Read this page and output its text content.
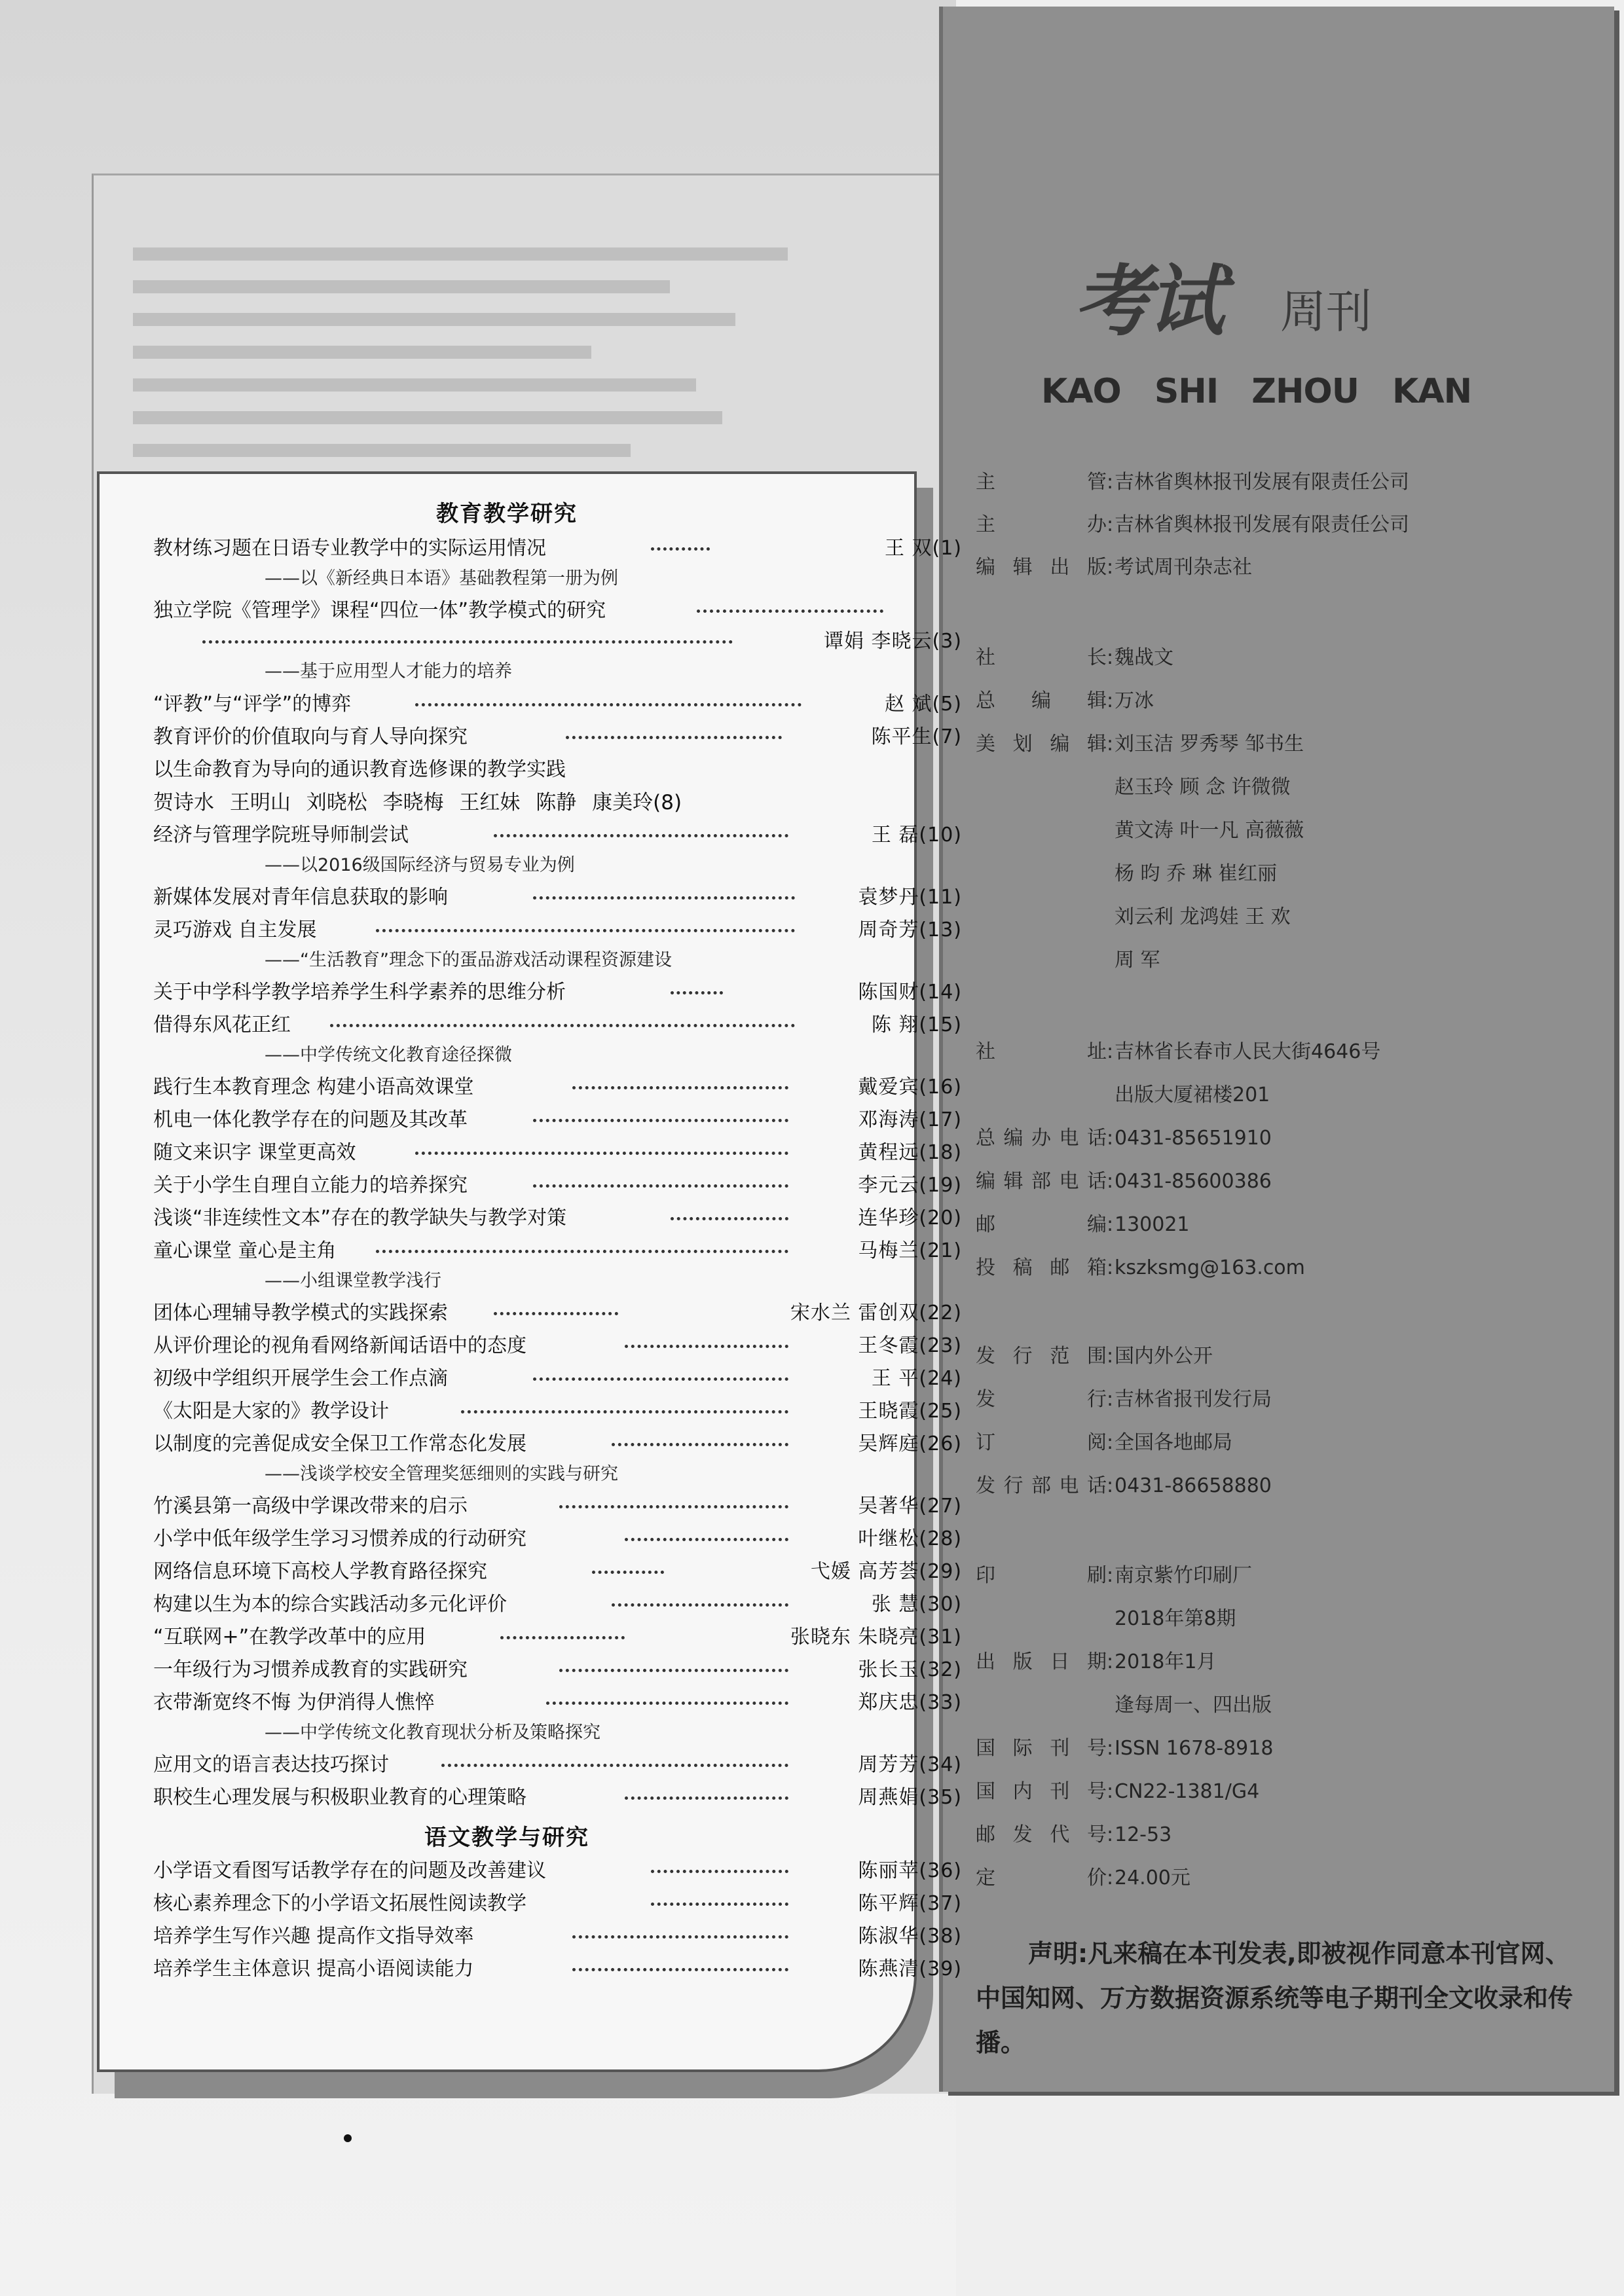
教育教学研究
教材练习题在日语专业教学中的实际运用情况	王 双(1)
——以《新经典日本语》基础教程第一册为例
独立学院《管理学》课程“四位一体”教学模式的研究
谭娟 李晓云(3)
——基于应用型人才能力的培养
“评教”与“评学”的博弈	赵 斌(5)
教育评价的价值取向与育人导向探究	陈平生(7)
以生命教育为导向的通识教育选修课的教学实践
贺诗水 王明山 刘晓松 李晓梅 王红妹 陈静 康美玲(8)
经济与管理学院班导师制尝试	王 磊(10)
——以2016级国际经济与贸易专业为例
新媒体发展对青年信息获取的影响	袁梦丹(11)
灵巧游戏 自主发展	周奇芳(13)
——“生活教育”理念下的蛋品游戏活动课程资源建设
关于中学科学教学培养学生科学素养的思维分析	陈国财(14)
借得东风花正红	陈 翔(15)
——中学传统文化教育途径探微
践行生本教育理念 构建小语高效课堂	戴爱宾(16)
机电一体化教学存在的问题及其改革	邓海涛(17)
随文来识字 课堂更高效	黄程远(18)
关于小学生自理自立能力的培养探究	李元云(19)
浅谈“非连续性文本”存在的教学缺失与教学对策	连华珍(20)
童心课堂 童心是主角	马梅兰(21)
——小组课堂教学浅行
团体心理辅导教学模式的实践探索	宋水兰 雷创双(22)
从评价理论的视角看网络新闻话语中的态度	王冬霞(23)
初级中学组织开展学生会工作点滴	王 平(24)
《太阳是大家的》教学设计	王晓霞(25)
以制度的完善促成安全保卫工作常态化发展	吴辉庭(26)
——浅谈学校安全管理奖惩细则的实践与研究
竹溪县第一高级中学课改带来的启示	吴著华(27)
小学中低年级学生学习习惯养成的行动研究	叶继松(28)
网络信息环境下高校人学教育路径探究	弋媛 高芳荟(29)
构建以生为本的综合实践活动多元化评价	张 慧(30)
“互联网+”在教学改革中的应用	张晓东 朱晓亮(31)
一年级行为习惯养成教育的实践研究	张长玉(32)
衣带渐宽终不悔 为伊消得人憔悴	郑庆忠(33)
——中学传统文化教育现状分析及策略探究
应用文的语言表达技巧探讨	周芳芳(34)
职校生心理发展与积极职业教育的心理策略	周燕娟(35)
语文教学与研究
小学语文看图写话教学存在的问题及改善建议	陈丽苹(36)
核心素养理念下的小学语文拓展性阅读教学	陈平辉(37)
培养学生写作兴趣 提高作文指导效率	陈淑华(38)
培养学生主体意识 提高小语阅读能力	陈燕清(39)
考试 周刊
KAO SHI ZHOU KAN
主管:吉林省舆林报刊发展有限责任公司
主办:吉林省舆林报刊发展有限责任公司
编辑出版:考试周刊杂志社
社长:魏战文
总编辑:万冰
美划编辑:刘玉洁 罗秀琴 邹书生
赵玉玲 顾 念 许微微
黄文涛 叶一凡 高薇薇
杨 昀 乔 琳 崔红丽
刘云利 龙鸿娃 王 欢
周 军
社址:吉林省长春市人民大街4646号
出版大厦裙楼201
总编办电话:0431-85651910
编辑部电话:0431-85600386
邮编:130021
投稿邮箱:kszksmg@163.com
发行范围:国内外公开
发行:吉林省报刊发行局
订阅:全国各地邮局
发行部电话:0431-86658880
印刷:南京紫竹印刷厂
2018年第8期
出版日期:2018年1月
逢每周一、四出版
国际刊号:ISSN 1678-8918
国内刊号:CN22-1381/G4
邮发代号:12-53
定价:24.00元
声明:凡来稿在本刊发表,即被视作同意本刊官网、中国知网、万方数据资源系统等电子期刊全文收录和传播。
